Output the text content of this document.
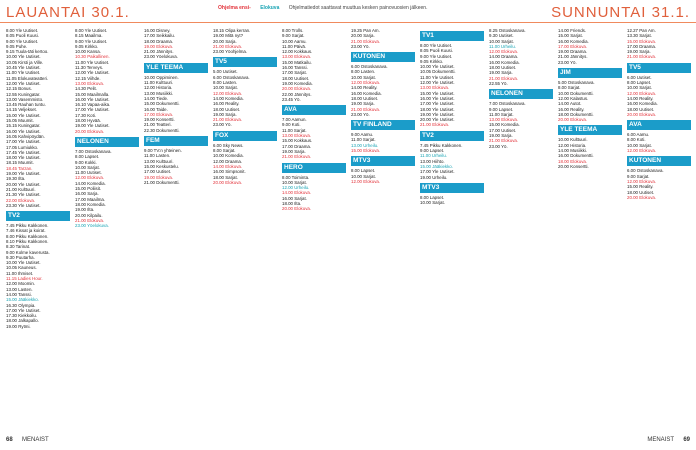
LAUANTAI 30.1.	Ohjelma ensi- Elokuva Ohjelmatiedot saattavat muuttua kesken painovuosien jälkeen.	SUNNUNTAI 31.1.
8.00 Yle Uutiset.
8.05 Puoli Kuusi.
9.00 Yle Uutiset.
9.05 Puhe.
9.15 Tuula-täti kertoo.
10.00 Yle Uutiset.
10.05 Kirsti ja Ville.
10.45 Yle Uutiset.
11.00 Yle Uutiset.
11.05 Elokuvateatteri.
12.00 Yle Uutiset.
12.15 Bonus.
12.55 Kuningatar.
13.00 Vasemmisto.
13.45 Rauhan tuntu.
14.15 Veljekset.
15.00 Yle Uutiset.
15.05 Muumit.
15.15 Kuningatar.
16.00 Yle Uutiset.
16.05 Kahvipöydän.
17.00 Yle Uutiset.
17.05 Lumiukko.
17.45 Yle Uutiset.
18.00 Yle Uutiset.
18.15 Muumit.
18.45 Tarzan.
19.00 Yle Uutiset.
19.30 Ilta.
20.00 Yle Uutiset.
21.00 Kulttuuri.
21.30 Yle Uutiset.
22.00 Elokuva.
23.30 Yle Uutiset.
TV2
7.45 Pikku Kakkonen.
7.46 Kissat ja koirat.
8.00 Pikku Kakkonen.
8.10 Pikku Kakkonen.
8.30 Tarinat.
9.00 Kolme kaverusta.
9.30 Puutarha.
10.00 Yle Uutiset.
10.05 Kauneus.
11.00 Ihmiset.
11.15 Ladies Hour.
12.00 Moomin.
13.00 Lasten.
14.00 Tanssi.
15.00 Jääkiekko.
16.30 Olympia.
17.00 Yle Uutiset.
17.30 Kiekkoilu.
18.00 Jalkapallo.
19.00 Rytmi.
8.00 Yle Uutiset.
8.15 Maailma.
9.00 Yle Uutiset.
9.05 Kirkko.
10.00 Kansa.
10.30 Paikallinen.
11.00 Yle Uutiset.
11.30 Terveys.
12.00 Yle Uutiset.
12.15 Viihde.
13.00 Elokuva.
14.30 Pelit.
15.00 Maailmalla.
16.00 Yle Uutiset.
16.10 Vapaa-aika.
17.00 Yle Uutiset.
17.30 Koti.
18.00 Hyvää.
19.00 Yle Uutiset.
20.00 Elokuva.
NELONEN
7.00 Ostoskanava.
8.00 Lapset.
9.00 Kokki.
10.00 Sarjat.
11.00 Uutiset.
12.00 Elokuva.
14.00 Komedia.
15.00 Poliisit.
16.00 Sarja.
17.00 Maailma.
18.00 Komedia.
19.00 Ilta.
20.00 Kilpailu.
21.00 Elokuva.
23.00 Yöelokuva.
16.00 Disney.
17.00 Seikkailu.
18.00 Draama.
19.00 Elokuva.
21.00 Jännitys.
23.00 Yöelokuva.
YLE TEEMA
10.00 Oppiminen.
11.00 Kulttuuri.
12.00 Historia.
13.00 Musiikki.
14.00 Tiede.
15.00 Dokumentti.
16.00 Taide.
17.00 Elokuva.
19.00 Konsertti.
21.00 Teatteri.
22.30 Dokumentti.
FEM
9.00 TV:n yhteinen.
11.00 Lasten.
13.00 Kulttuuri.
15.00 Keskustelu.
17.00 Uutiset.
19.00 Elokuva.
21.00 Dokumentti.
18.15 Olipa kerran.
19.00 Mitä nyt?
20.00 Sarja.
21.00 Elokuva.
23.00 Yöohjelma.
TV5
5.00 Uutiset.
6.00 Ostoskanava.
8.00 Lasten.
10.00 Sarjat.
12.00 Elokuva.
14.00 Komedia.
16.00 Reality.
18.00 Uutiset.
19.00 Sarja.
21.00 Elokuva.
23.00 Yö.
FOX
6.00 Sky News.
8.00 Sarjat.
10.00 Komedia.
12.00 Draama.
14.00 Elokuva.
16.00 Simpsonit.
18.00 Sarjat.
20.00 Elokuva.
8.00 Trolls.
9.00 Sarjat.
10.00 Aamu.
11.00 Päivä.
12.00 Kokkaus.
13.00 Elokuva.
15.00 Matkailu.
16.00 Tanssi.
17.00 Sarjat.
18.00 Uutiset.
19.00 Komedia.
20.00 Elokuva.
22.00 Jännitys.
23.45 Yö.
AVA
7.00 Aamun.
9.00 Koti.
11.00 Sarjat.
13.00 Elokuva.
15.00 Kokkaus.
17.00 Draama.
19.00 Sarja.
21.00 Elokuva.
HERO
8.00 Toiminta.
10.00 Sarjat.
12.00 Urheilu.
14.00 Elokuva.
16.00 Sarjat.
18.00 Ilta.
20.00 Elokuva.
19.25 Pan Am.
20.00 Sarja.
21.00 Elokuva.
23.00 Yö.
KUTONEN
6.00 Ostoskanava.
8.00 Lasten.
10.00 Sarjat.
12.00 Elokuva.
14.00 Reality.
16.00 Komedia.
18.00 Uutiset.
19.00 Sarja.
21.00 Elokuva.
23.00 Yö.
TV FINLAND
9.00 Aamu.
11.00 Sarjat.
13.00 Urheilu.
15.00 Elokuva.
MTV3
8.00 Lapset.
10.00 Sarjat.
12.00 Elokuva.
TV1
8.00 Yle Uutiset.
8.05 Puoli Kuusi.
9.00 Yle Uutiset.
9.05 Kirkko.
10.00 Yle Uutiset.
10.05 Dokumentti.
11.00 Yle Uutiset.
12.00 Yle Uutiset.
13.00 Elokuva.
15.00 Yle Uutiset.
16.00 Yle Uutiset.
17.00 Yle Uutiset.
18.00 Yle Uutiset.
19.00 Yle Uutiset.
20.00 Yle Uutiset.
21.00 Elokuva.
TV2
7.45 Pikku Kakkonen.
9.00 Lapset.
11.00 Urheilu.
13.00 Hiihto.
15.00 Jääkiekko.
17.00 Yle Uutiset.
19.00 Urheilu.
MTV3
8.00 Lapset.
10.00 Sarjat.
8.25 Ostoskanava.
9.30 Uutiset.
10.00 Sarjat.
11.00 Urheilu.
12.00 Elokuva.
14.00 Draama.
16.00 Komedia.
18.00 Uutiset.
19.00 Sarja.
21.00 Elokuva.
22.55 Yö.
NELONEN
7.00 Ostoskanava.
9.00 Lapset.
11.00 Sarjat.
13.00 Elokuva.
15.00 Komedia.
17.00 Uutiset.
19.00 Sarja.
21.00 Elokuva.
23.00 Yö.
14.00 Friends.
15.00 Sarjat.
16.00 Komedia.
17.00 Elokuva.
19.00 Draama.
21.00 Jännitys.
23.00 Yö.
JIM
5.00 Ostoskanava.
8.00 Sarjat.
10.00 Dokumentti.
12.00 Kalastus.
14.00 Autot.
16.00 Reality.
18.00 Dokumentti.
20.00 Elokuva.
YLE TEEMA
10.00 Kulttuuri.
12.00 Historia.
14.00 Musiikki.
16.00 Dokumentti.
18.00 Elokuva.
20.00 Konsertti.
12.27 Pan Am.
13.30 Sarjat.
15.00 Elokuva.
17.00 Draama.
19.00 Sarja.
21.00 Elokuva.
TV5
6.00 Uutiset.
8.00 Lapset.
10.00 Sarjat.
12.00 Elokuva.
14.00 Reality.
16.00 Komedia.
18.00 Uutiset.
20.00 Elokuva.
AVA
6.00 Aamu.
8.00 Koti.
10.00 Sarjat.
12.00 Elokuva.
KUTONEN
6.00 Ostoskanava.
9.00 Sarjat.
12.00 Elokuva.
15.00 Reality.
18.00 Uutiset.
20.00 Elokuva.
68 MENAIST	MENAIST 69
